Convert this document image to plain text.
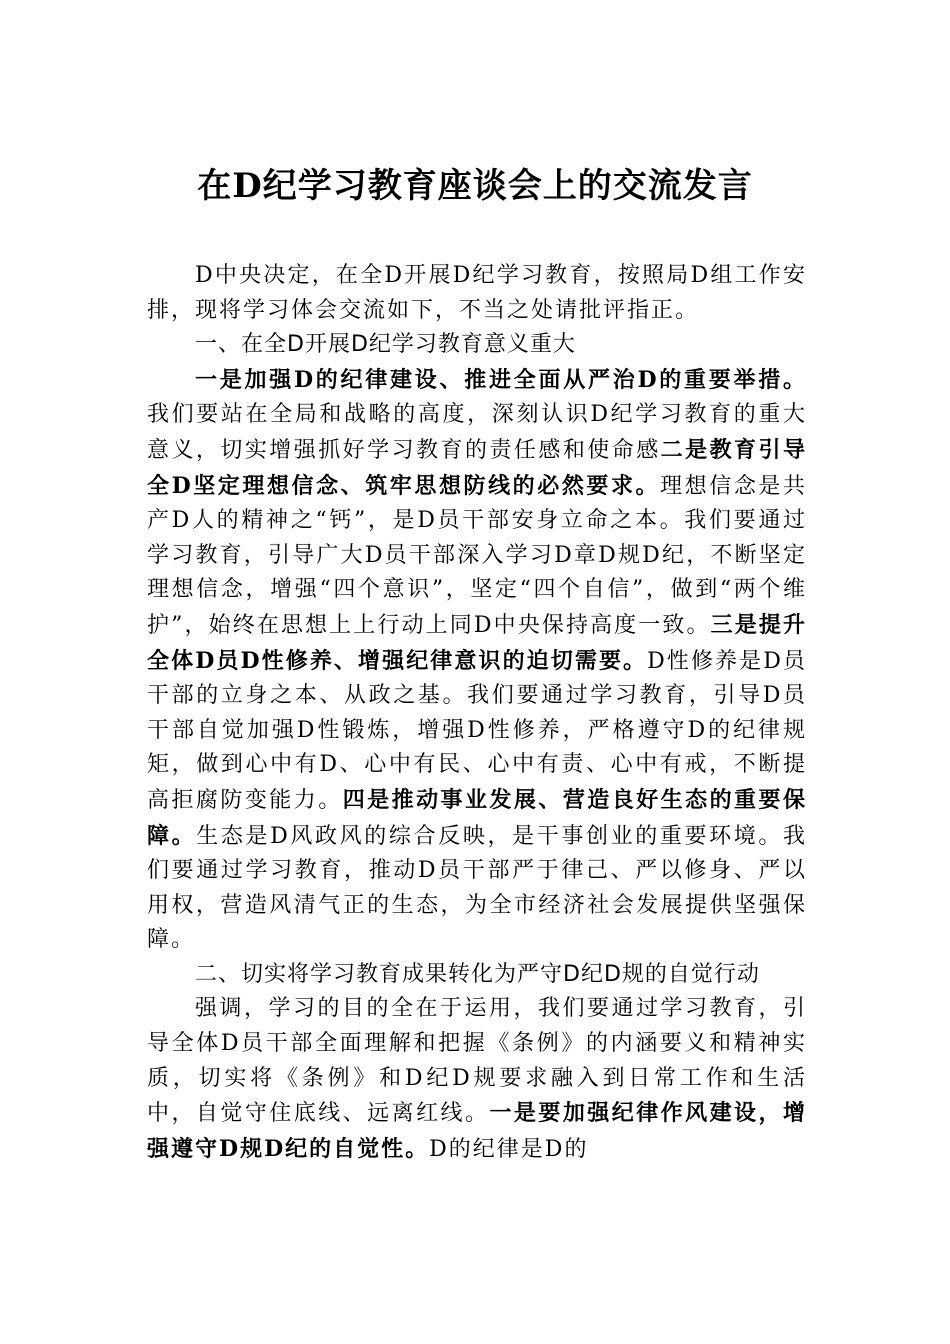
在D纪学习教育座谈会上的交流发言

D中央决定，在全D开展D纪学习教育，按照局D组工作安排，现将学习体会交流如下，不当之处请批评指正。

一、在全D开展D纪学习教育意义重大

一是加强D的纪律建设、推进全面从严治D的重要举措。我们要站在全局和战略的高度，深刻认识D纪学习教育的重大意义，切实增强抓好学习教育的责任感和使命感二是教育引导全D坚定理想信念、筑牢思想防线的必然要求。理想信念是共产D人的精神之“钙”，是D员干部安身立命之本。我们要通过学习教育，引导广大D员干部深入学习D章D规D纪，不断坚定理想信念，增强“四个意识”，坚定“四个自信”，做到“两个维护”，始终在思想上上行动上同D中央保持高度一致。三是提升全体D员D性修养、增强纪律意识的迫切需要。D性修养是D员干部的立身之本、从政之基。我们要通过学习教育，引导D员干部自觉加强D性锻炼，增强D性修养，严格遵守D的纪律规矩，做到心中有D、心中有民、心中有责、心中有戒，不断提高拒腐防变能力。四是推动事业发展、营造良好生态的重要保障。生态是D风政风的综合反映，是干事创业的重要环境。我们要通过学习教育，推动D员干部严于律己、严以修身、严以用权，营造风清气正的生态，为全市经济社会发展提供坚强保障。

二、切实将学习教育成果转化为严守D纪D规的自觉行动

强调，学习的目的全在于运用，我们要通过学习教育，引导全体D员干部全面理解和把握《条例》的内涵要义和精神实质，切实将《条例》和D纪D规要求融入到日常工作和生活中，自觉守住底线、远离红线。一是要加强纪律作风建设，增强遵守D规D纪的自觉性。D的纪律是D的
